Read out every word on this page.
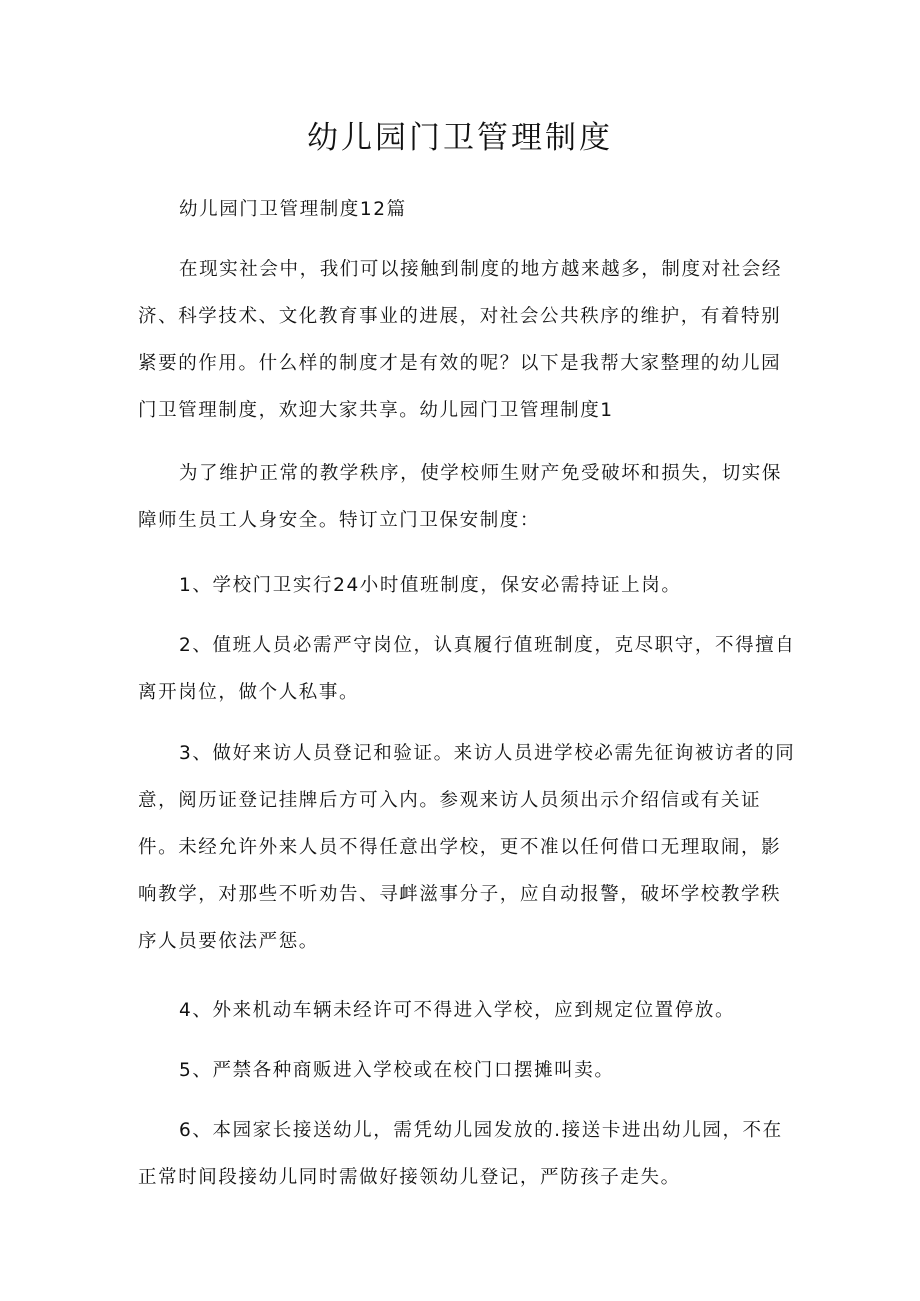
幼儿园门卫管理制度

幼儿园门卫管理制度12篇

在现实社会中，我们可以接触到制度的地方越来越多，制度对社会经济、科学技术、文化教育事业的进展，对社会公共秩序的维护，有着特别紧要的作用。什么样的制度才是有效的呢？以下是我帮大家整理的幼儿园门卫管理制度，欢迎大家共享。幼儿园门卫管理制度1

为了维护正常的教学秩序，使学校师生财产免受破坏和损失，切实保障师生员工人身安全。特订立门卫保安制度：

1、学校门卫实行24小时值班制度，保安必需持证上岗。

2、值班人员必需严守岗位，认真履行值班制度，克尽职守，不得擅自离开岗位，做个人私事。

3、做好来访人员登记和验证。来访人员进学校必需先征询被访者的同意，阅历证登记挂牌后方可入内。参观来访人员须出示介绍信或有关证件。未经允许外来人员不得任意出学校，更不准以任何借口无理取闹，影响教学，对那些不听劝告、寻衅滋事分子，应自动报警，破坏学校教学秩序人员要依法严惩。

4、外来机动车辆未经许可不得进入学校，应到规定位置停放。

5、严禁各种商贩进入学校或在校门口摆摊叫卖。

6、本园家长接送幼儿，需凭幼儿园发放的.接送卡进出幼儿园，不在正常时间段接幼儿同时需做好接领幼儿登记，严防孩子走失。
